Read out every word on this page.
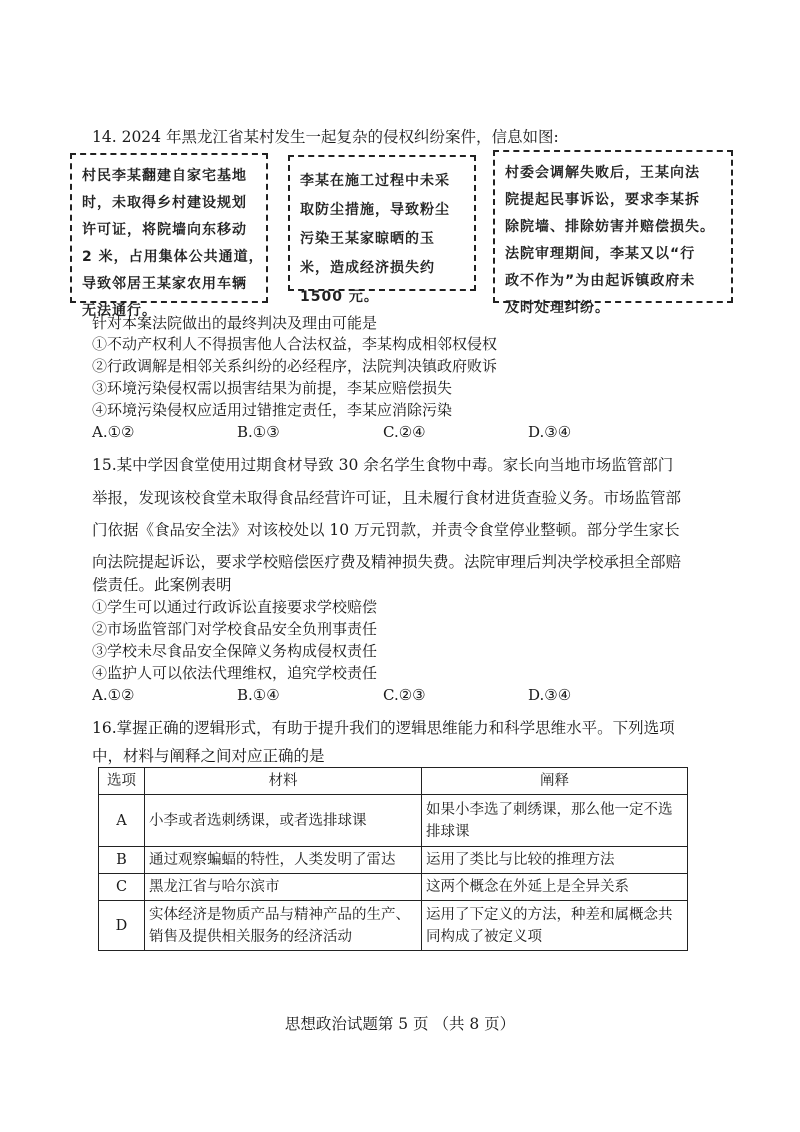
14. 2024 年黑龙江省某村发生一起复杂的侵权纠纷案件，信息如图:
村民李某翻建自家宅基地
时，未取得乡村建设规划
许可证，将院墙向东移动
2 米，占用集体公共通道，
导致邻居王某家农用车辆
无法通行。
李某在施工过程中未采
取防尘措施，导致粉尘
污染王某家晾晒的玉
米，造成经济损失约
1500 元。
村委会调解失败后，王某向法
院提起民事诉讼，要求李某拆
除院墙、排除妨害并赔偿损失。
法院审理期间，李某又以“行
政不作为”为由起诉镇政府未
及时处理纠纷。
针对本案法院做出的最终判决及理由可能是
①不动产权利人不得损害他人合法权益，李某构成相邻权侵权
②行政调解是相邻关系纠纷的必经程序，法院判决镇政府败诉
③环境污染侵权需以损害结果为前提，李某应赔偿损失
④环境污染侵权应适用过错推定责任，李某应消除污染
A.①②	B.①③	C.②④	D.③④
15.某中学因食堂使用过期食材导致 30 余名学生食物中毒。家长向当地市场监管部门
举报，发现该校食堂未取得食品经营许可证，且未履行食材进货查验义务。市场监管部
门依据《食品安全法》对该校处以 10 万元罚款，并责令食堂停业整顿。部分学生家长
向法院提起诉讼，要求学校赔偿医疗费及精神损失费。法院审理后判决学校承担全部赔
偿责任。此案例表明
①学生可以通过行政诉讼直接要求学校赔偿
②市场监管部门对学校食品安全负刑事责任
③学校未尽食品安全保障义务构成侵权责任
④监护人可以依法代理维权，追究学校责任
A.①②	B.①④	C.②③	D.③④
16.掌握正确的逻辑形式，有助于提升我们的逻辑思维能力和科学思维水平。下列选项
中，材料与阐释之间对应正确的是
选项	材料	阐释
A	小李或者选刺绣课，或者选排球课	如果小李选了刺绣课，那么他一定不选排球课
B	通过观察蝙蝠的特性，人类发明了雷达	运用了类比与比较的推理方法
C	黑龙江省与哈尔滨市	这两个概念在外延上是全异关系
D	实体经济是物质产品与精神产品的生产、销售及提供相关服务的经济活动	运用了下定义的方法，种差和属概念共同构成了被定义项
思想政治试题第 5 页 （共 8 页）
